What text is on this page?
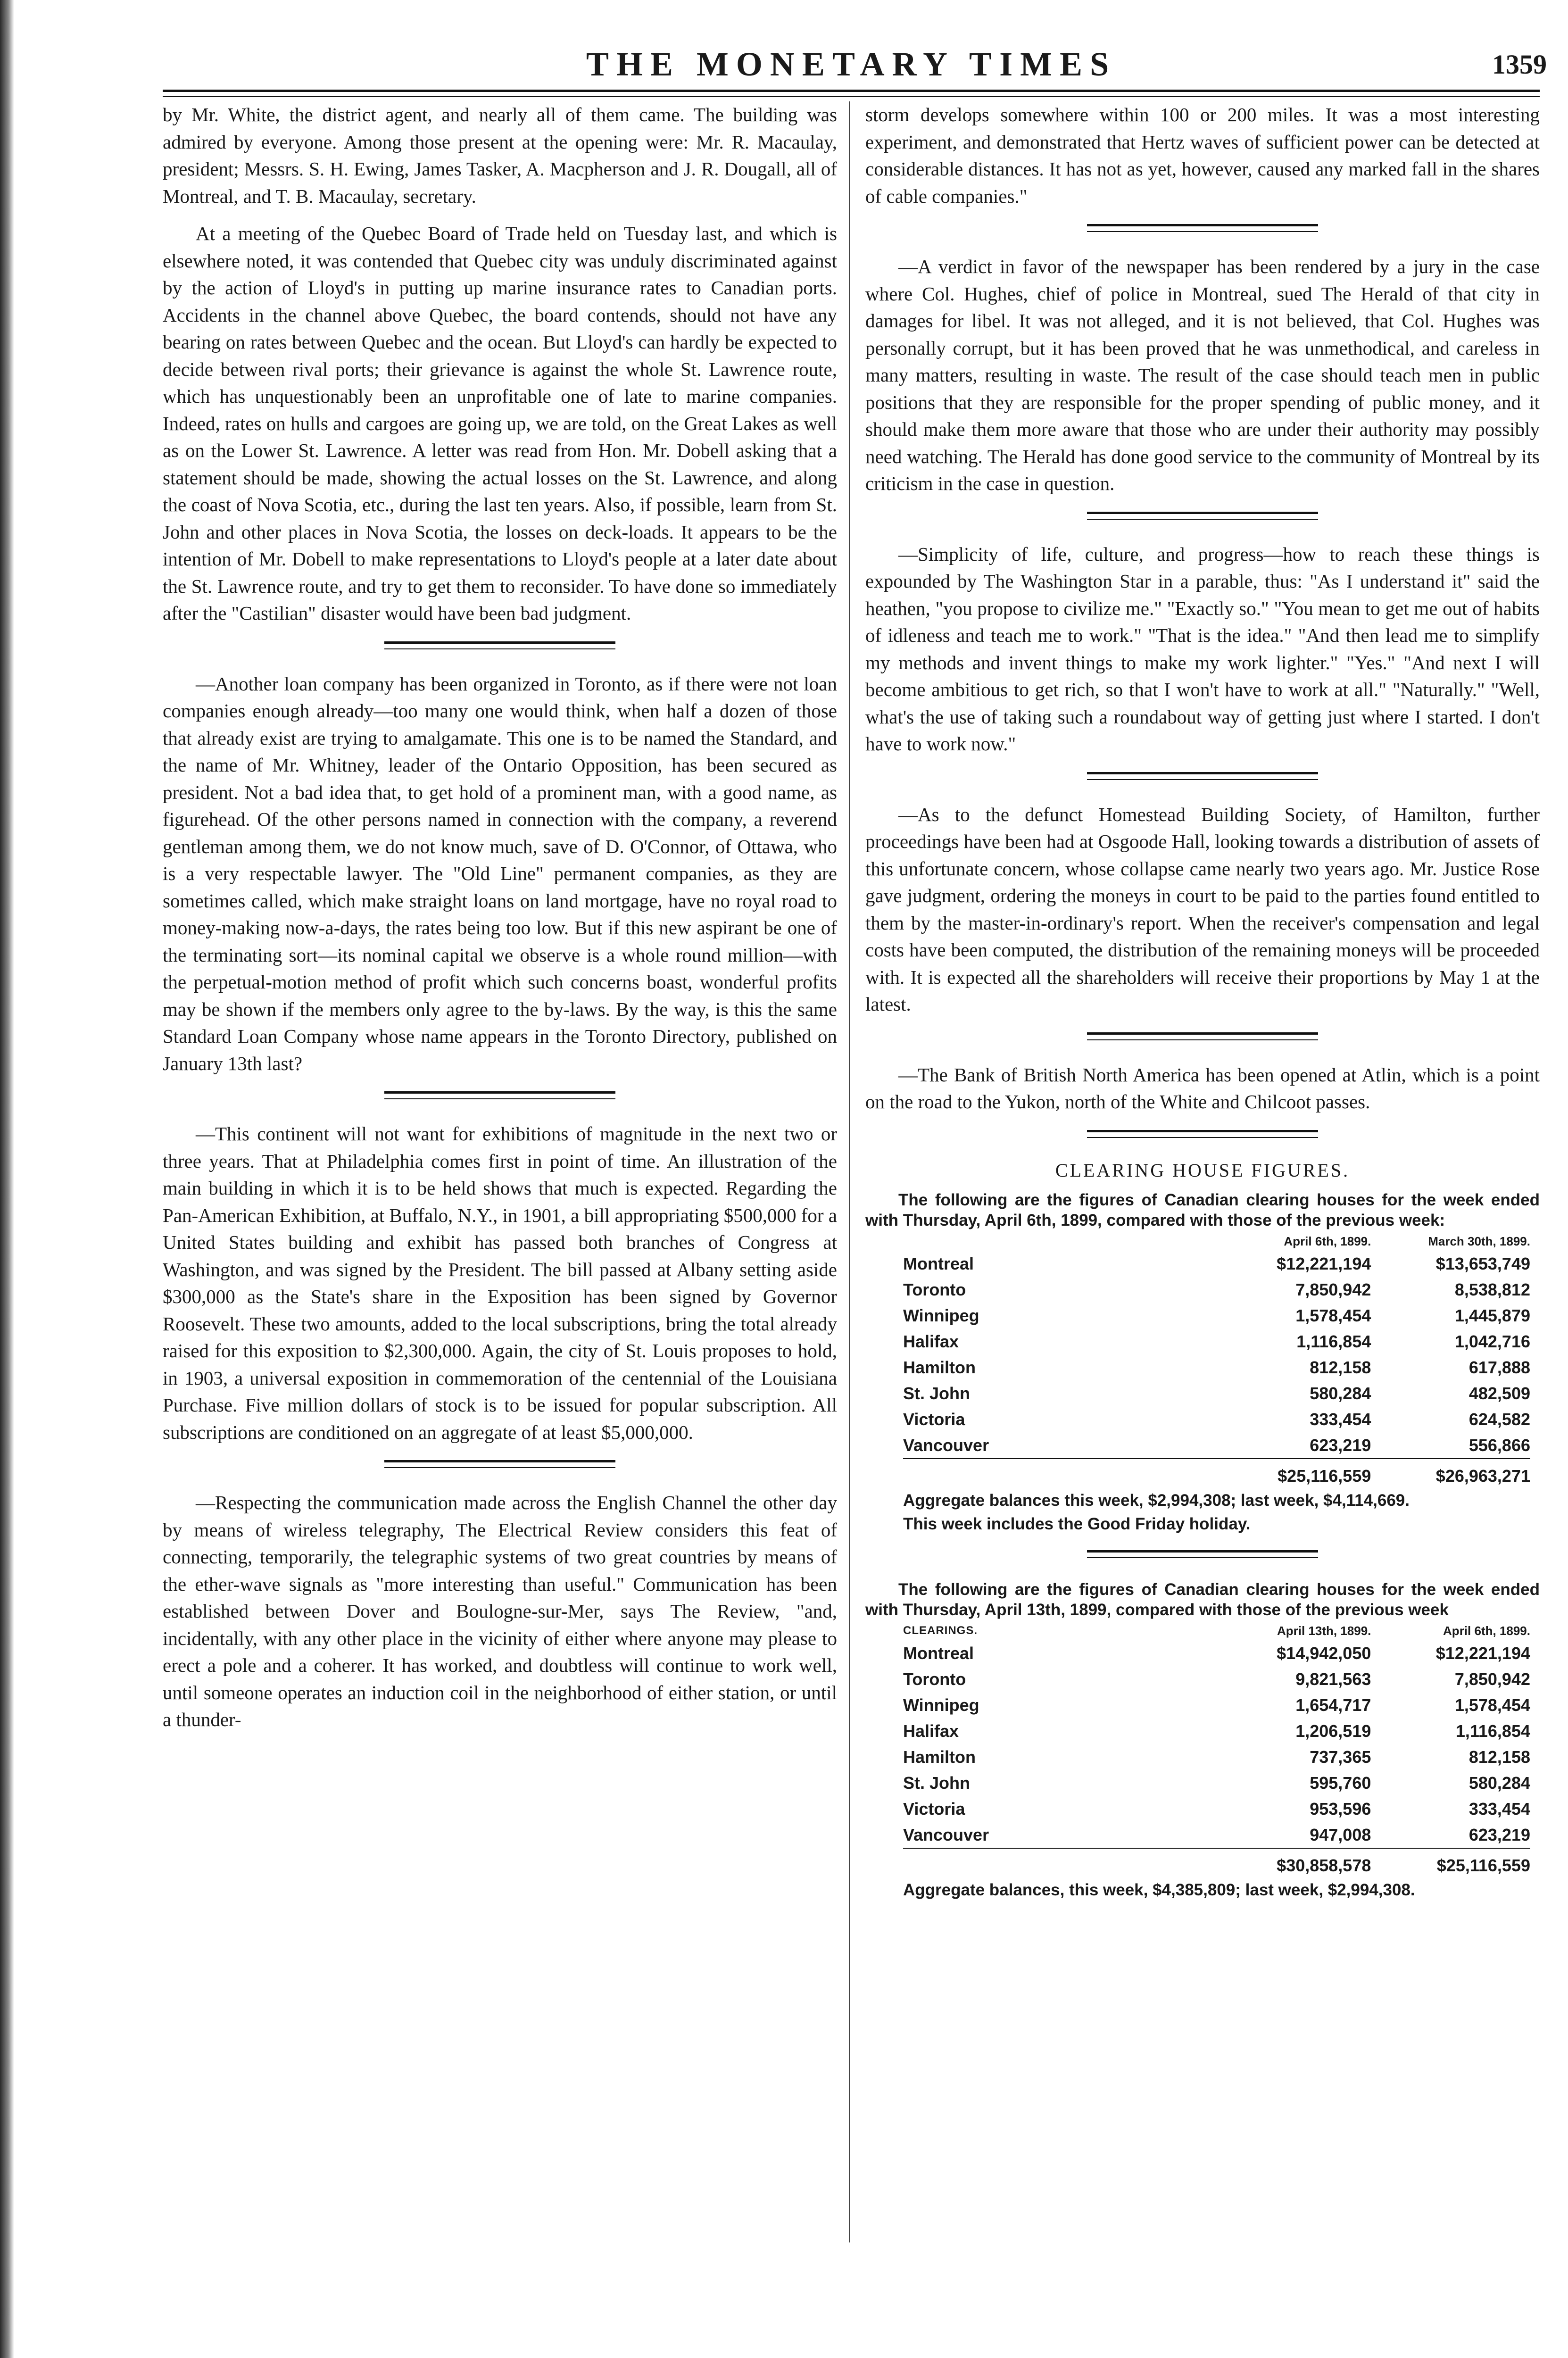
THE MONETARY TIMES	1359

by Mr. White, the district agent, and nearly all of them came. The building was admired by everyone. Among those present at the opening were: Mr. R. Macaulay, president; Messrs. S. H. Ewing, James Tasker, A. Macpherson and J. R. Dougall, all of Montreal, and T. B. Macaulay, secretary.

At a meeting of the Quebec Board of Trade held on Tuesday last, and which is elsewhere noted, it was contended that Quebec city was unduly discriminated against by the action of Lloyd's in putting up marine insurance rates to Canadian ports. Accidents in the channel above Quebec, the board contends, should not have any bearing on rates between Quebec and the ocean. But Lloyd's can hardly be expected to decide between rival ports; their grievance is against the whole St. Lawrence route, which has unquestionably been an unprofitable one of late to marine companies. Indeed, rates on hulls and cargoes are going up, we are told, on the Great Lakes as well as on the Lower St. Lawrence. A letter was read from Hon. Mr. Dobell asking that a statement should be made, showing the actual losses on the St. Lawrence, and along the coast of Nova Scotia, etc., during the last ten years. Also, if possible, learn from St. John and other places in Nova Scotia, the losses on deck-loads. It appears to be the intention of Mr. Dobell to make representations to Lloyd's people at a later date about the St. Lawrence route, and try to get them to reconsider. To have done so immediately after the "Castilian" disaster would have been bad judgment.

—Another loan company has been organized in Toronto, as if there were not loan companies enough already—too many one would think, when half a dozen of those that already exist are trying to amalgamate. This one is to be named the Standard, and the name of Mr. Whitney, leader of the Ontario Opposition, has been secured as president. Not a bad idea that, to get hold of a prominent man, with a good name, as figurehead. Of the other persons named in connection with the company, a reverend gentleman among them, we do not know much, save of D. O'Connor, of Ottawa, who is a very respectable lawyer. The "Old Line" permanent companies, as they are sometimes called, which make straight loans on land mortgage, have no royal road to money-making now-a-days, the rates being too low. But if this new aspirant be one of the terminating sort—its nominal capital we observe is a whole round million—with the perpetual-motion method of profit which such concerns boast, wonderful profits may be shown if the members only agree to the by-laws. By the way, is this the same Standard Loan Company whose name appears in the Toronto Directory, published on January 13th last?

—This continent will not want for exhibitions of magnitude in the next two or three years. That at Philadelphia comes first in point of time. An illustration of the main building in which it is to be held shows that much is expected. Regarding the Pan-American Exhibition, at Buffalo, N.Y., in 1901, a bill appropriating $500,000 for a United States building and exhibit has passed both branches of Congress at Washington, and was signed by the President. The bill passed at Albany setting aside $300,000 as the State's share in the Exposition has been signed by Governor Roosevelt. These two amounts, added to the local subscriptions, bring the total already raised for this exposition to $2,300,000. Again, the city of St. Louis proposes to hold, in 1903, a universal exposition in commemoration of the centennial of the Louisiana Purchase. Five million dollars of stock is to be issued for popular subscription. All subscriptions are conditioned on an aggregate of at least $5,000,000.

—Respecting the communication made across the English Channel the other day by means of wireless telegraphy, The Electrical Review considers this feat of connecting, temporarily, the telegraphic systems of two great countries by means of the ether-wave signals as "more interesting than useful." Communication has been established between Dover and Boulogne-sur-Mer, says The Review, "and, incidentally, with any other place in the vicinity of either where anyone may please to erect a pole and a coherer. It has worked, and doubtless will continue to work well, until someone operates an induction coil in the neighborhood of either station, or until a thunder-

storm develops somewhere within 100 or 200 miles. It was a most interesting experiment, and demonstrated that Hertz waves of sufficient power can be detected at considerable distances. It has not as yet, however, caused any marked fall in the shares of cable companies."

—A verdict in favor of the newspaper has been rendered by a jury in the case where Col. Hughes, chief of police in Montreal, sued The Herald of that city in damages for libel. It was not alleged, and it is not believed, that Col. Hughes was personally corrupt, but it has been proved that he was unmethodical, and careless in many matters, resulting in waste. The result of the case should teach men in public positions that they are responsible for the proper spending of public money, and it should make them more aware that those who are under their authority may possibly need watching. The Herald has done good service to the community of Montreal by its criticism in the case in question.

—Simplicity of life, culture, and progress—how to reach these things is expounded by The Washington Star in a parable, thus: "As I understand it" said the heathen, "you propose to civilize me." "Exactly so." "You mean to get me out of habits of idleness and teach me to work." "That is the idea." "And then lead me to simplify my methods and invent things to make my work lighter." "Yes." "And next I will become ambitious to get rich, so that I won't have to work at all." "Naturally." "Well, what's the use of taking such a roundabout way of getting just where I started. I don't have to work now."

—As to the defunct Homestead Building Society, of Hamilton, further proceedings have been had at Osgoode Hall, looking towards a distribution of assets of this unfortunate concern, whose collapse came nearly two years ago. Mr. Justice Rose gave judgment, ordering the moneys in court to be paid to the parties found entitled to them by the master-in-ordinary's report. When the receiver's compensation and legal costs have been computed, the distribution of the remaining moneys will be proceeded with. It is expected all the shareholders will receive their proportions by May 1 at the latest.

—The Bank of British North America has been opened at Atlin, which is a point on the road to the Yukon, north of the White and Chilcoot passes.

CLEARING HOUSE FIGURES.

The following are the figures of Canadian clearing houses for the week ended with Thursday, April 6th, 1899, compared with those of the previous week:

	April 6th, 1899.	March 30th, 1899.
Montreal	$12,221,194	$13,653,749
Toronto	7,850,942	8,538,812
Winnipeg	1,578,454	1,445,879
Halifax	1,116,854	1,042,716
Hamilton	812,158	617,888
St. John	580,284	482,509
Victoria	333,454	624,582
Vancouver	623,219	556,866
	$25,116,559	$26,963,271

Aggregate balances this week, $2,994,308; last week, $4,114,669.

This week includes the Good Friday holiday.

The following are the figures of Canadian clearing houses for the week ended with Thursday, April 13th, 1899, compared with those of the previous week

CLEARINGS.	April 13th, 1899.	April 6th, 1899.
Montreal	$14,942,050	$12,221,194
Toronto	9,821,563	7,850,942
Winnipeg	1,654,717	1,578,454
Halifax	1,206,519	1,116,854
Hamilton	737,365	812,158
St. John	595,760	580,284
Victoria	953,596	333,454
Vancouver	947,008	623,219
	$30,858,578	$25,116,559

Aggregate balances, this week, $4,385,809; last week, $2,994,308.
